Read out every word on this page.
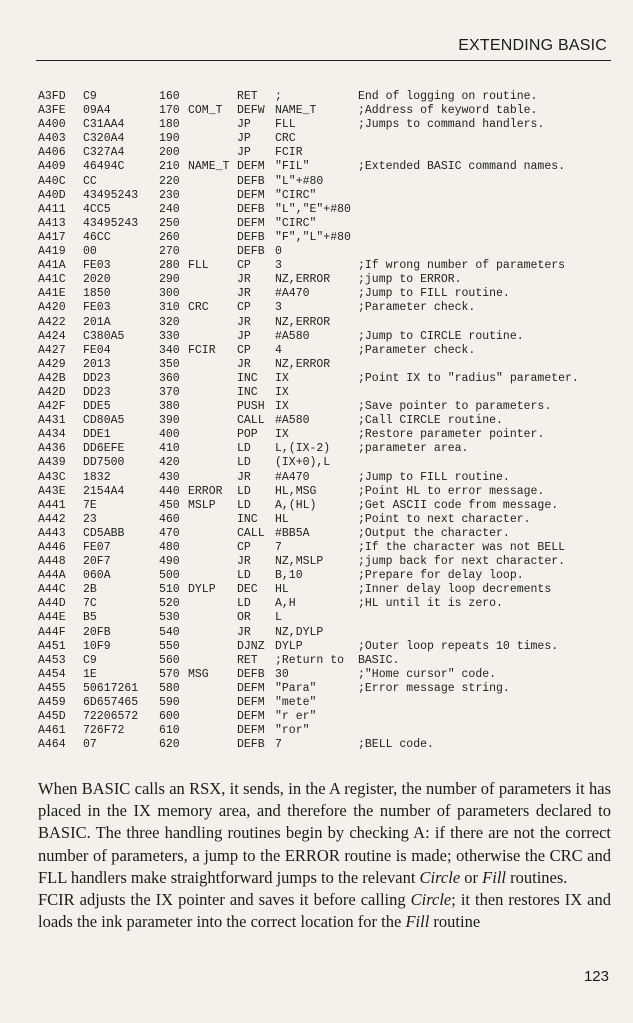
EXTENDING BASIC
A3FD C9	160	RET ;	End of logging on routine.
A3FE 09A4	170 COM_T DEFW NAME_T	;Address of keyword table.
A400 C31AA4	180	JP FLL	;Jumps to command handlers.
A403 C320A4	190	JP CRC
A406 C327A4	200	JP FCIR
A409 46494C	210 NAME_T DEFM "FIL"	;Extended BASIC command names.
A40C CC	220	DEFB "L"+#80
A40D 43495243 230	DEFM "CIRC"
A411 4CC5	240	DEFB "L","E"+#80
A413 43495243 250	DEFM "CIRC"
A417 46CC	260	DEFB "F","L"+#80
A419 00	270	DEFB 0
A41A FE03	280 FLL CP 3	;If wrong number of parameters
A41C 2020	290	JR NZ,ERROR ;jump to ERROR.
A41E 1850	300	JR #A470	;Jump to FILL routine.
A420 FE03	310 CRC CP 3	;Parameter check.
A422 201A	320	JR NZ,ERROR
A424 C380A5	330	JP #A580	;Jump to CIRCLE routine.
A427 FE04	340 FCIR CP 4	;Parameter check.
A429 2013	350	JR NZ,ERROR
A42B DD23	360	INC IX	;Point IX to "radius" parameter.
A42D DD23	370	INC IX
A42F DDE5	380	PUSH IX	;Save pointer to parameters.
A431 CD80A5	390	CALL #A580	;Call CIRCLE routine.
A434 DDE1	400	POP IX	;Restore parameter pointer.
A436 DD6EFE	410	LD L,(IX-2) ;parameter area.
A439 DD7500	420	LD (IX+0),L
A43C 1832	430	JR #A470	;Jump to FILL routine.
A43E 2154A4	440 ERROR LD HL,MSG	;Point HL to error message.
A441 7E	450 MSLP LD A,(HL)	;Get ASCII code from message.
A442 23	460	INC HL	;Point to next character.
A443 CD5ABB	470	CALL #BB5A	;Output the character.
A446 FE07	480	CP 7	;If the character was not BELL
A448 20F7	490	JR NZ,MSLP	;jump back for next character.
A44A 060A	500	LD B,10	;Prepare for delay loop.
A44C 2B	510 DYLP DEC HL	;Inner delay loop decrements
A44D 7C	520	LD A,H	;HL until it is zero.
A44E B5	530	OR L
A44F 20FB	540	JR NZ,DYLP
A451 10F9	550	DJNZ DYLP	;Outer loop repeats 10 times.
A453 C9	560	RET ;Return to BASIC.
A454 1E	570 MSG DEFB 30	;"Home cursor" code.
A455 50617261 580	DEFM "Para"	;Error message string.
A459 6D657465 590	DEFM "mete"
A45D 72206572 600	DEFM "r er"
A461 726F72	610	DEFM "ror"
A464 07	620	DEFB 7	;BELL code.

When BASIC calls an RSX, it sends, in the A register, the number of parameters it has placed in the IX memory area, and therefore the number of parameters declared to BASIC. The three handling routines begin by checking A: if there are not the correct number of parameters, a jump to the ERROR routine is made; otherwise the CRC and FLL handlers make straightforward jumps to the relevant Circle or Fill routines.

FCIR adjusts the IX pointer and saves it before calling Circle; it then restores IX and loads the ink parameter into the correct location for the Fill routine

123
